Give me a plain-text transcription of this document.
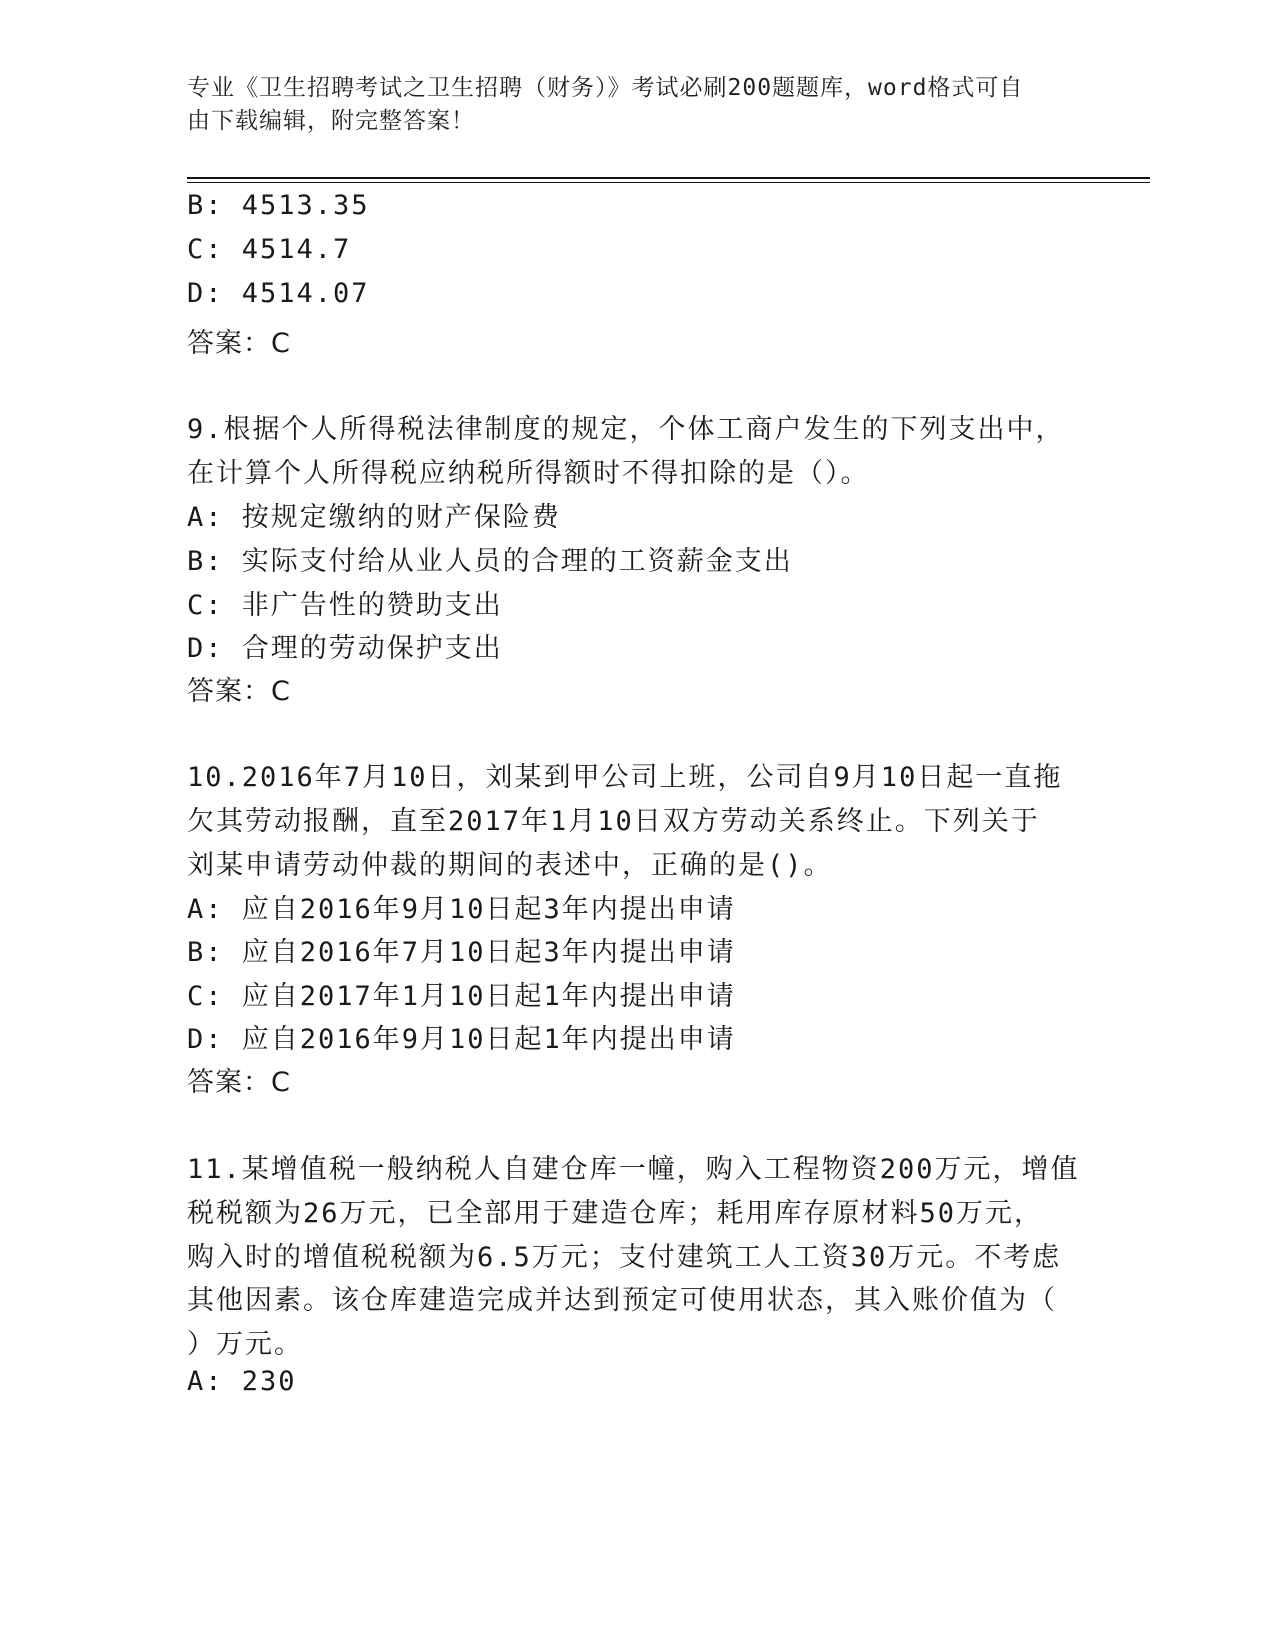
专业《卫生招聘考试之卫生招聘（财务）》考试必刷200题题库，word格式可自
由下载编辑，附完整答案！
B: 4513.35
C: 4514.7
D: 4514.07
答案：C
9.根据个人所得税法律制度的规定，个体工商户发生的下列支出中，
在计算个人所得税应纳税所得额时不得扣除的是（）。
A: 按规定缴纳的财产保险费
B: 实际支付给从业人员的合理的工资薪金支出
C: 非广告性的赞助支出
D: 合理的劳动保护支出
答案：C
10.2016年7月10日，刘某到甲公司上班，公司自9月10日起一直拖
欠其劳动报酬，直至2017年1月10日双方劳动关系终止。下列关于
刘某申请劳动仲裁的期间的表述中，正确的是()。
A: 应自2016年9月10日起3年内提出申请
B: 应自2016年7月10日起3年内提出申请
C: 应自2017年1月10日起1年内提出申请
D: 应自2016年9月10日起1年内提出申请
答案：C
11.某增值税一般纳税人自建仓库一幢，购入工程物资200万元，增值
税税额为26万元，已全部用于建造仓库；耗用库存原材料50万元，
购入时的增值税税额为6.5万元；支付建筑工人工资30万元。不考虑
其他因素。该仓库建造完成并达到预定可使用状态，其入账价值为（
）万元。
A: 230
